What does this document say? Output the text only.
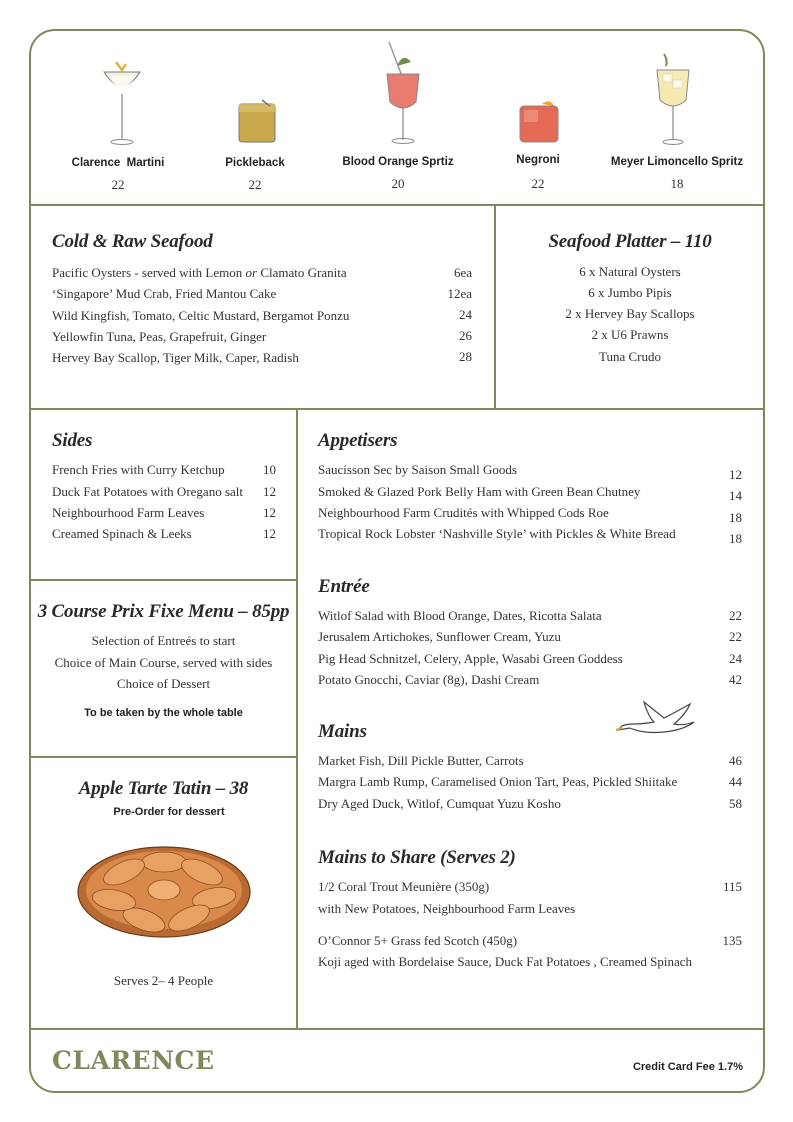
Clarence  Martini
22
Pickleback
22
Blood Orange Sprtiz
20
Negroni
22
Meyer Limoncello Spritz
18
Cold & Raw Seafood
Pacific Oysters - served with Lemon or Clamato Granita	6ea
‘Singapore’ Mud Crab, Fried Mantou Cake	12ea
Wild Kingfish, Tomato, Celtic Mustard, Bergamot Ponzu	24
Yellowfin Tuna, Peas, Grapefruit, Ginger	26
Hervey Bay Scallop, Tiger Milk, Caper, Radish	28
Seafood Platter – 110
6 x Natural Oysters
6 x Jumbo Pipis
2 x Hervey Bay Scallops
2 x U6 Prawns
Tuna Crudo
Sides
French Fries with Curry Ketchup	10
Duck Fat Potatoes with Oregano salt	12
Neighbourhood Farm Leaves	12
Creamed Spinach & Leeks	12
3 Course Prix Fixe Menu – 85pp
Selection of Entreés to start
Choice of Main Course, served with sides
Choice of Dessert
To be taken by the whole table
Apple Tarte Tatin – 38
Pre-Order for dessert
Serves 2– 4 People
Appetisers
Saucisson Sec by Saison Small Goods	12
Smoked & Glazed Pork Belly Ham with Green Bean Chutney	14
Neighbourhood Farm Crudités with Whipped Cods Roe	18
Tropical Rock Lobster ‘Nashville Style’ with Pickles & White Bread	18
Entrée
Witlof Salad with Blood Orange, Dates, Ricotta Salata	22
Jerusalem Artichokes, Sunflower Cream, Yuzu	22
Pig Head Schnitzel, Celery, Apple, Wasabi Green Goddess	24
Potato Gnocchi, Caviar (8g), Dashi Cream	42
Mains
Market Fish, Dill Pickle Butter, Carrots	46
Margra Lamb Rump, Caramelised Onion Tart, Peas, Pickled Shiitake	44
Dry Aged Duck, Witlof, Cumquat Yuzu Kosho	58
Mains to Share (Serves 2)
1/2 Coral Trout Meunière (350g)	115
with New Potatoes, Neighbourhood Farm Leaves
O’Connor 5+ Grass fed Scotch (450g)	135
Koji aged with Bordelaise Sauce, Duck Fat Potatoes , Creamed Spinach
CLARENCE	Credit Card Fee 1.7%
